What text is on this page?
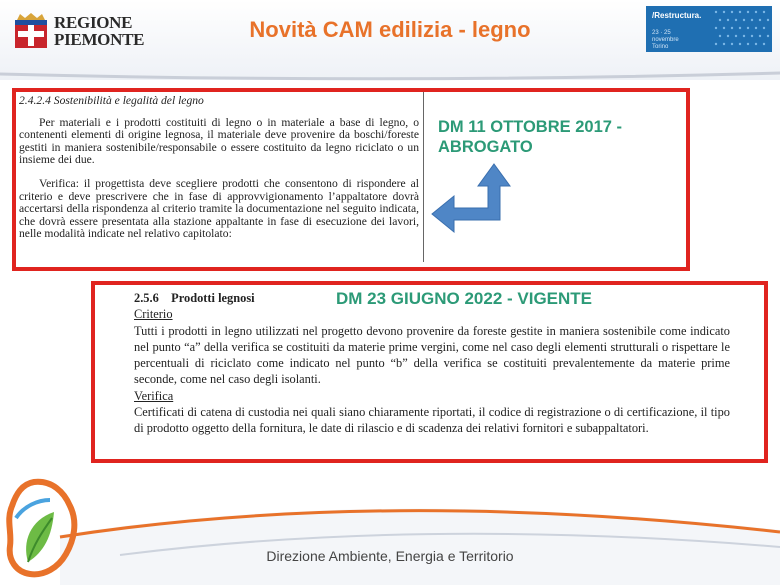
REGIONE
PIEMONTE	Novità CAM edilizia - legno
/Restructura.
23 · 25
novembre
Torino
2.4.2.4 Sostenibilità e legalità del legno

Per materiali e i prodotti costituiti di legno o in materiale a base di legno, o contenenti elementi di origine legnosa, il materiale deve provenire da boschi/foreste gestiti in maniera sostenibile/responsabile o essere costituito da legno riciclato o un insieme dei due.

Verifica: il progettista deve scegliere prodotti che consentono di rispondere al criterio e deve prescrivere che in fase di approvvigionamento l’appaltatore dovrà accertarsi della rispondenza al criterio tramite la documentazione nel seguito indicata, che dovrà essere presentata alla stazione appaltante in fase di esecuzione dei lavori, nelle modalità indicate nel relativo capitolato:

DM 11 OTTOBRE 2017 - ABROGATO
2.5.6 Prodotti legnosi
Criterio
Tutti i prodotti in legno utilizzati nel progetto devono provenire da foreste gestite in maniera sostenibile come indicato nel punto “a” della verifica se costituiti da materie prime vergini, come nel caso degli elementi strutturali o rispettare le percentuali di riciclato come indicato nel punto “b” della verifica se costituiti prevalentemente da materie prime seconde, come nel caso degli isolanti.
Verifica
Certificati di catena di custodia nei quali siano chiaramente riportati, il codice di registrazione o di certificazione, il tipo di prodotto oggetto della fornitura, le date di rilascio e di scadenza dei relativi fornitori e subappaltatori.
DM 23 GIUGNO 2022 - VIGENTE
Direzione Ambiente, Energia e Territorio
